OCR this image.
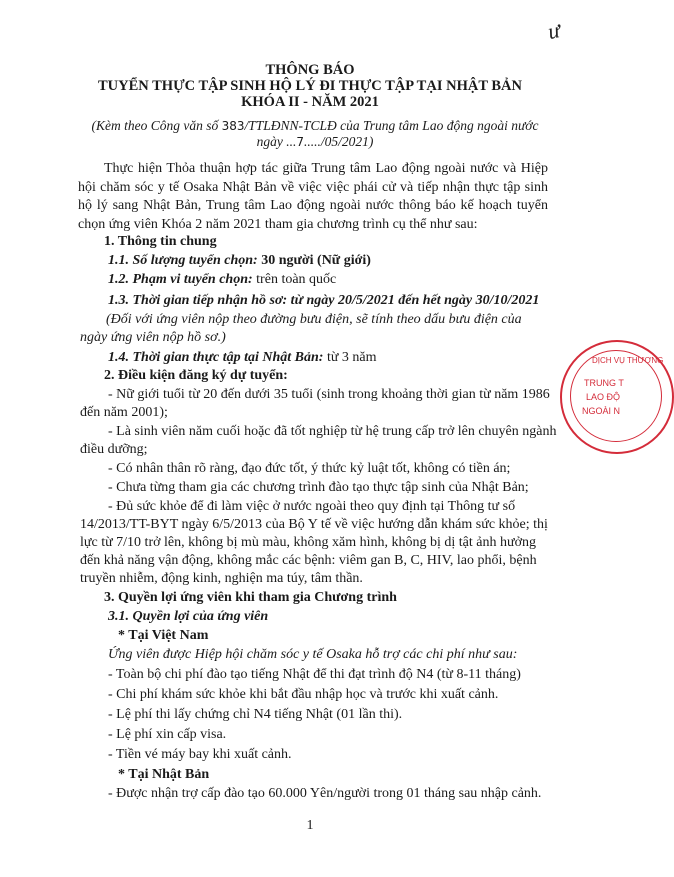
ư
THÔNG BÁO
TUYỂN THỰC TẬP SINH HỘ LÝ ĐI THỰC TẬP TẠI NHẬT BẢN
KHÓA II - NĂM 2021
(Kèm theo Công văn số 383/TTLĐNN-TCLĐ của Trung tâm Lao động ngoài nước
ngày ...7...../05/2021)
Thực hiện Thỏa thuận hợp tác giữa Trung tâm Lao động ngoài nước và Hiệp hội chăm sóc y tế Osaka Nhật Bản về việc việc phái cử và tiếp nhận thực tập sinh hộ lý sang Nhật Bản, Trung tâm Lao động ngoài nước thông báo kế hoạch tuyển chọn ứng viên Khóa 2 năm 2021 tham gia chương trình cụ thể như sau:
1. Thông tin chung
1.1. Số lượng tuyển chọn: 30 người (Nữ giới)
1.2. Phạm vi tuyển chọn: trên toàn quốc
1.3. Thời gian tiếp nhận hồ sơ: từ ngày 20/5/2021 đến hết ngày 30/10/2021
(Đối với ứng viên nộp theo đường bưu điện, sẽ tính theo dấu bưu điện của
ngày ứng viên nộp hồ sơ.)
1.4. Thời gian thực tập tại Nhật Bản: từ 3 năm
2. Điều kiện đăng ký dự tuyển:
- Nữ giới tuổi từ 20 đến dưới 35 tuổi (sinh trong khoảng thời gian từ năm 1986
đến năm 2001);
- Là sinh viên năm cuối hoặc đã tốt nghiệp từ hệ trung cấp trở lên chuyên ngành
điều dưỡng;
- Có nhân thân rõ ràng, đạo đức tốt, ý thức kỷ luật tốt, không có tiền án;
- Chưa từng tham gia các chương trình đào tạo thực tập sinh của Nhật Bản;
- Đủ sức khỏe để đi làm việc ở nước ngoài theo quy định tại Thông tư số
14/2013/TT-BYT ngày 6/5/2013 của Bộ Y tế về việc hướng dẫn khám sức khỏe; thị
lực từ 7/10 trở lên, không bị mù màu, không xăm hình, không bị dị tật ảnh hưởng
đến khả năng vận động, không mắc các bệnh: viêm gan B, C, HIV, lao phổi, bệnh
truyền nhiễm, động kinh, nghiện ma túy, tâm thần.
3. Quyền lợi ứng viên khi tham gia Chương trình
3.1. Quyền lợi của ứng viên
* Tại Việt Nam
Ứng viên được Hiệp hội chăm sóc y tế Osaka hỗ trợ các chi phí như sau:
- Toàn bộ chi phí đào tạo tiếng Nhật để thi đạt trình độ N4 (từ 8-11 tháng)
- Chi phí khám sức khỏe khi bắt đầu nhập học và trước khi xuất cảnh.
- Lệ phí thi lấy chứng chỉ N4 tiếng Nhật (01 lần thi).
- Lệ phí xin cấp visa.
- Tiền vé máy bay khi xuất cảnh.
* Tại Nhật Bản
- Được nhận trợ cấp đào tạo 60.000 Yên/người trong 01 tháng sau nhập cảnh.
DỊCH VỤ THƯƠNG
TRUNG T
LAO ĐỘ
NGOÀI N
1
